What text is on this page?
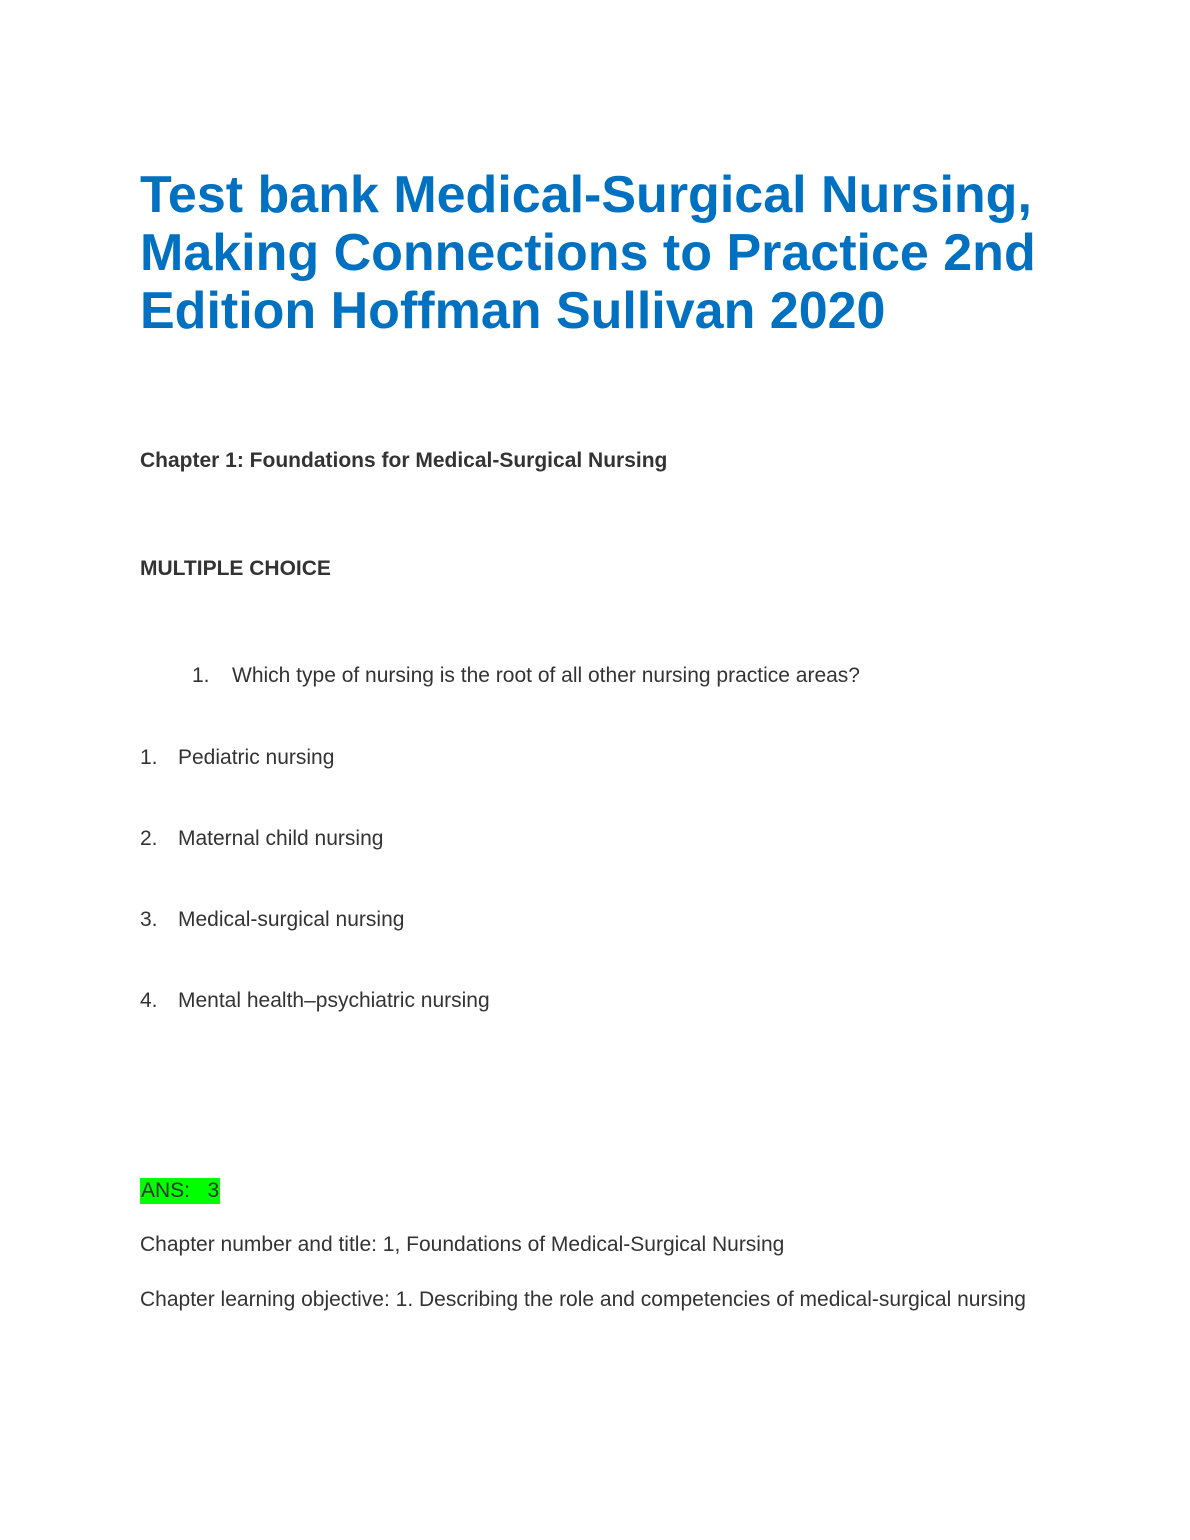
Test bank Medical-Surgical Nursing, Making Connections to Practice 2nd Edition Hoffman Sullivan 2020
Chapter 1: Foundations for Medical-Surgical Nursing
MULTIPLE CHOICE
1. Which type of nursing is the root of all other nursing practice areas?
1. Pediatric nursing
2. Maternal child nursing
3. Medical-surgical nursing
4. Mental health–psychiatric nursing
ANS:   3
Chapter number and title: 1, Foundations of Medical-Surgical Nursing
Chapter learning objective: 1. Describing the role and competencies of medical-surgical nursing
